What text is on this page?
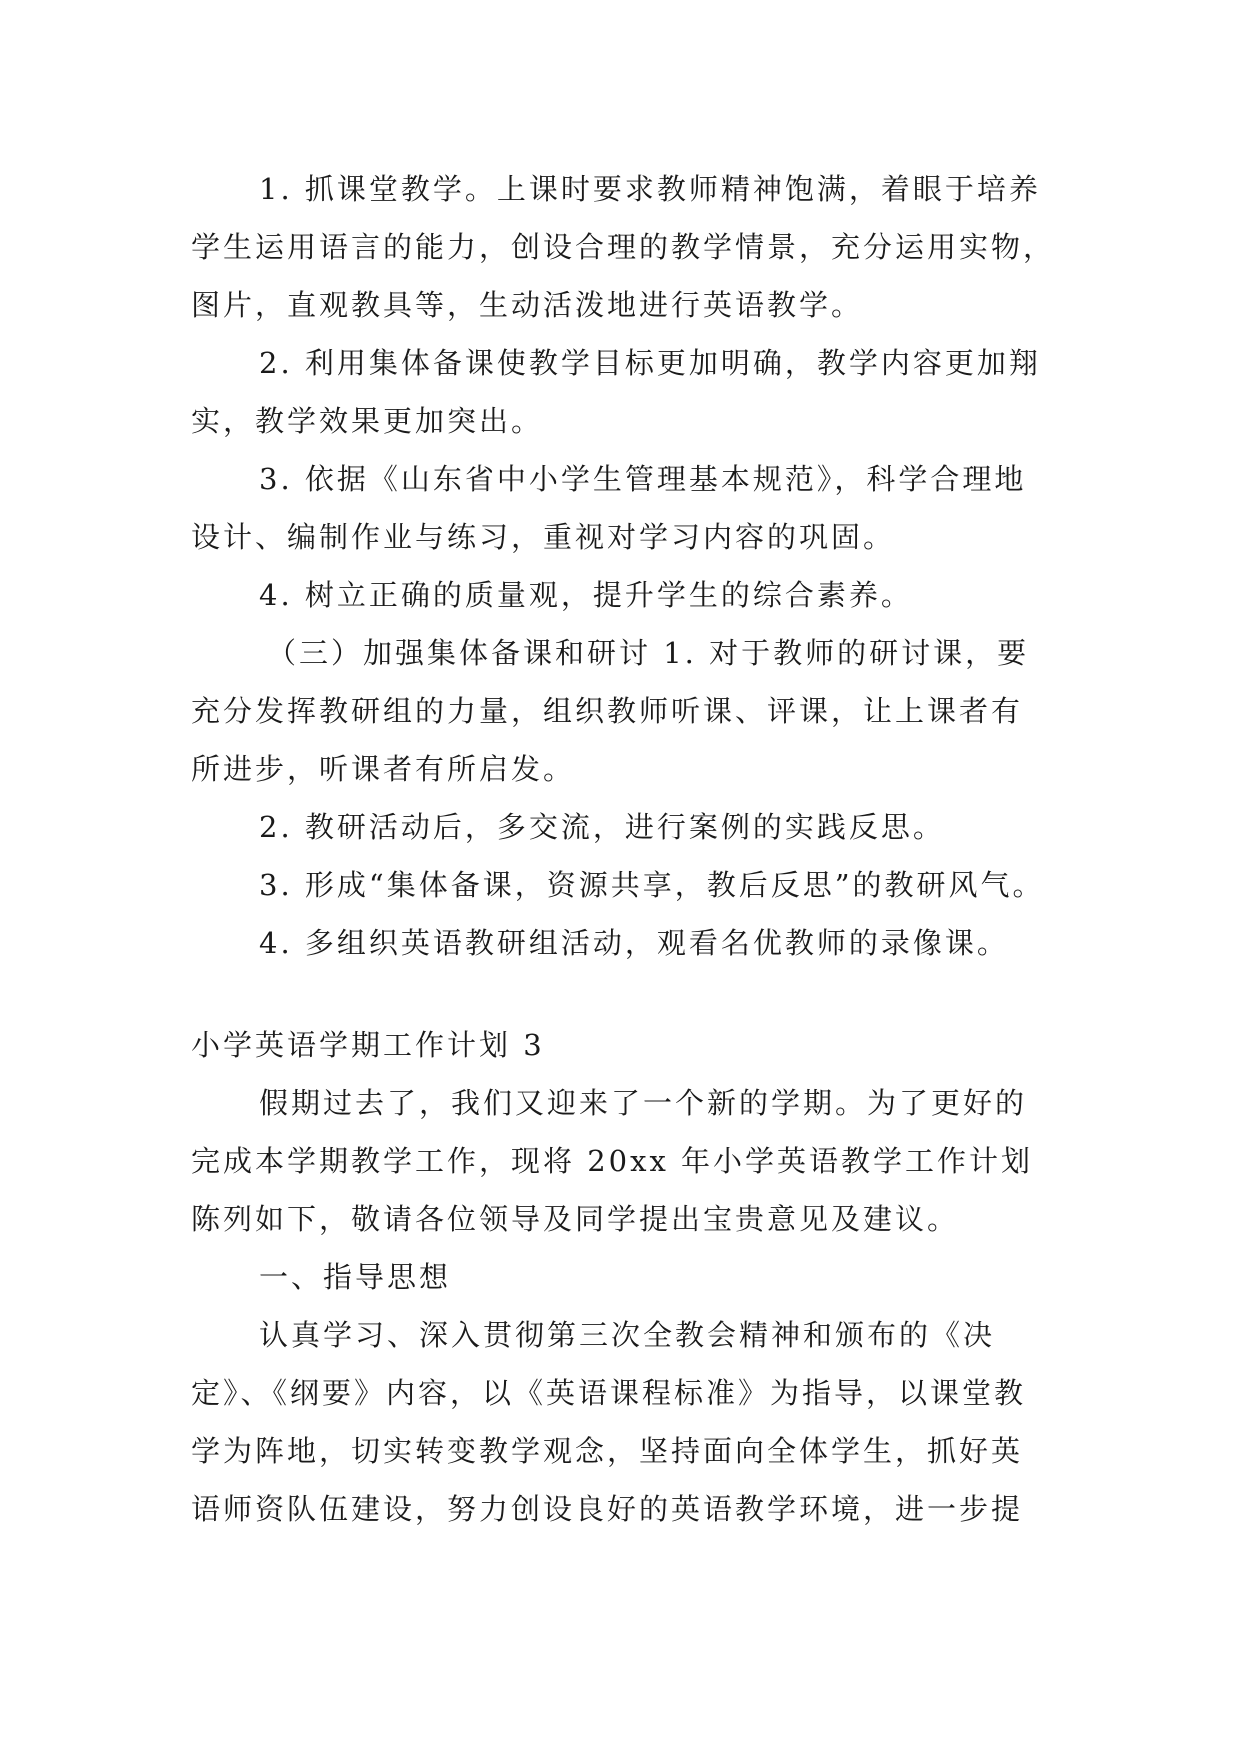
1. 抓课堂教学。上课时要求教师精神饱满，着眼于培养
学生运用语言的能力，创设合理的教学情景，充分运用实物，
图片，直观教具等，生动活泼地进行英语教学。
2. 利用集体备课使教学目标更加明确，教学内容更加翔
实，教学效果更加突出。
3. 依据《山东省中小学生管理基本规范》，科学合理地
设计、编制作业与练习，重视对学习内容的巩固。
4. 树立正确的质量观，提升学生的综合素养。
（三）加强集体备课和研讨 1. 对于教师的研讨课，要
充分发挥教研组的力量，组织教师听课、评课，让上课者有
所进步，听课者有所启发。
2. 教研活动后，多交流，进行案例的实践反思。
3. 形成“集体备课，资源共享，教后反思”的教研风气。
4. 多组织英语教研组活动，观看名优教师的录像课。
小学英语学期工作计划 3
假期过去了，我们又迎来了一个新的学期。为了更好的
完成本学期教学工作，现将 20xx 年小学英语教学工作计划
陈列如下，敬请各位领导及同学提出宝贵意见及建议。
一、指导思想
认真学习、深入贯彻第三次全教会精神和颁布的《决
定》、《纲要》内容，以《英语课程标准》为指导，以课堂教
学为阵地，切实转变教学观念，坚持面向全体学生，抓好英
语师资队伍建设，努力创设良好的英语教学环境，进一步提
